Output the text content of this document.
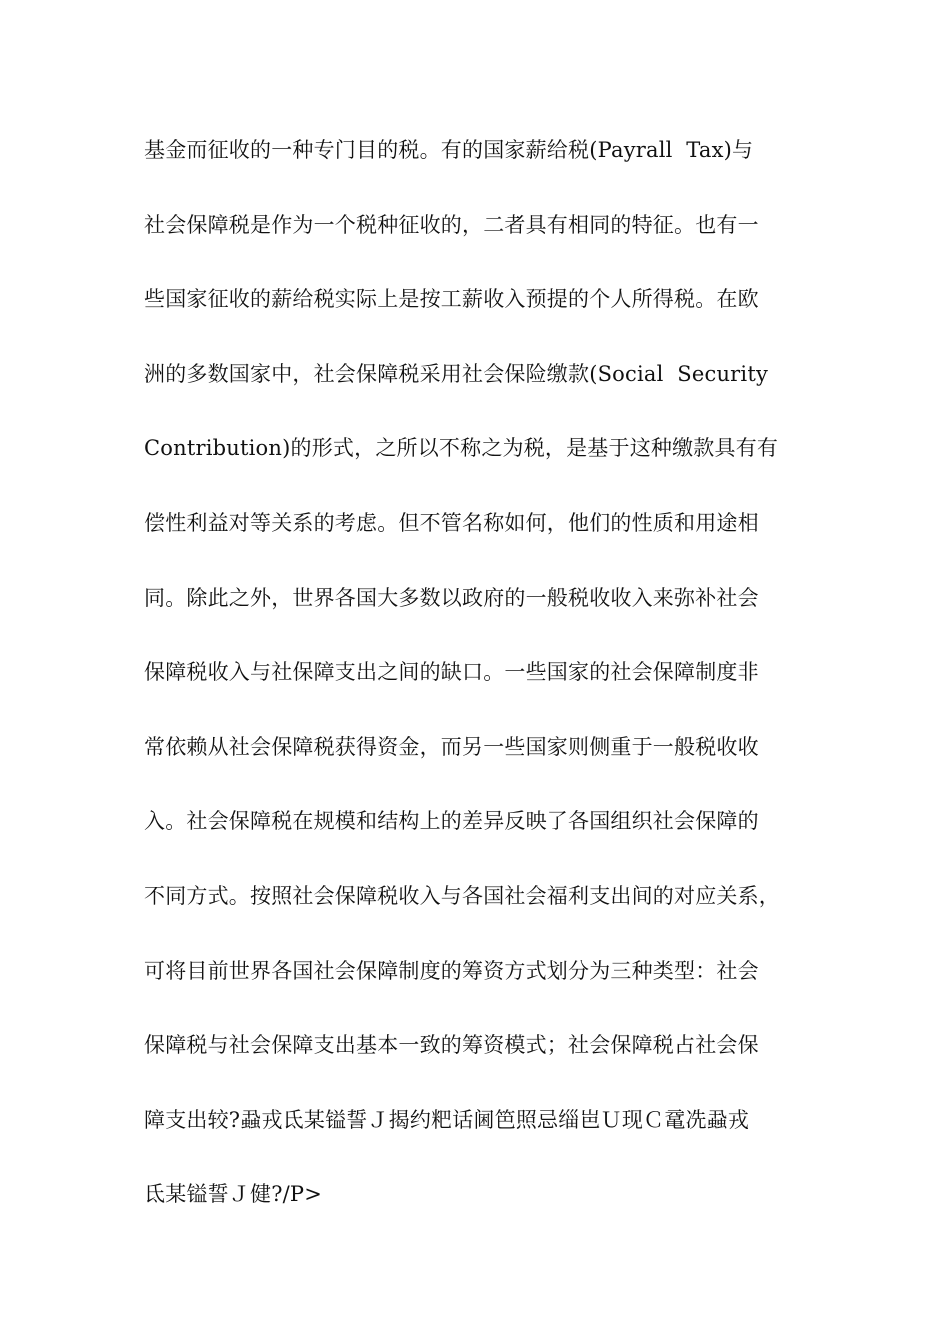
基金而征收的一种专门目的税。有的国家薪给税(Payrall  Tax)与
社会保障税是作为一个税种征收的，二者具有相同的特征。也有一
些国家征收的薪给税实际上是按工薪收入预提的个人所得税。在欧
洲的多数国家中，社会保障税采用社会保险缴款(Social  Security
Contribution)的形式，之所以不称之为税，是基于这种缴款具有有
偿性利益对等关系的考虑。但不管名称如何，他们的性质和用途相
同。除此之外，世界各国大多数以政府的一般税收收入来弥补社会
保障税收入与社保障支出之间的缺口。一些国家的社会保障制度非
常依赖从社会保障税获得资金，而另一些国家则侧重于一般税收收
入。社会保障税在规模和结构上的差异反映了各国组织社会保障的
不同方式。按照社会保障税收入与各国社会福利支出间的对应关系，
可将目前世界各国社会保障制度的筹资方式划分为三种类型：社会
保障税与社会保障支出基本一致的筹资模式；社会保障税占社会保
障支出较?蝨戎氐某镒誓Ｊ揭约粑话阃笆照忌缁岜Ｕ现Ｃ鼋冼蝨戎
氐某镒誓Ｊ健?/P>
